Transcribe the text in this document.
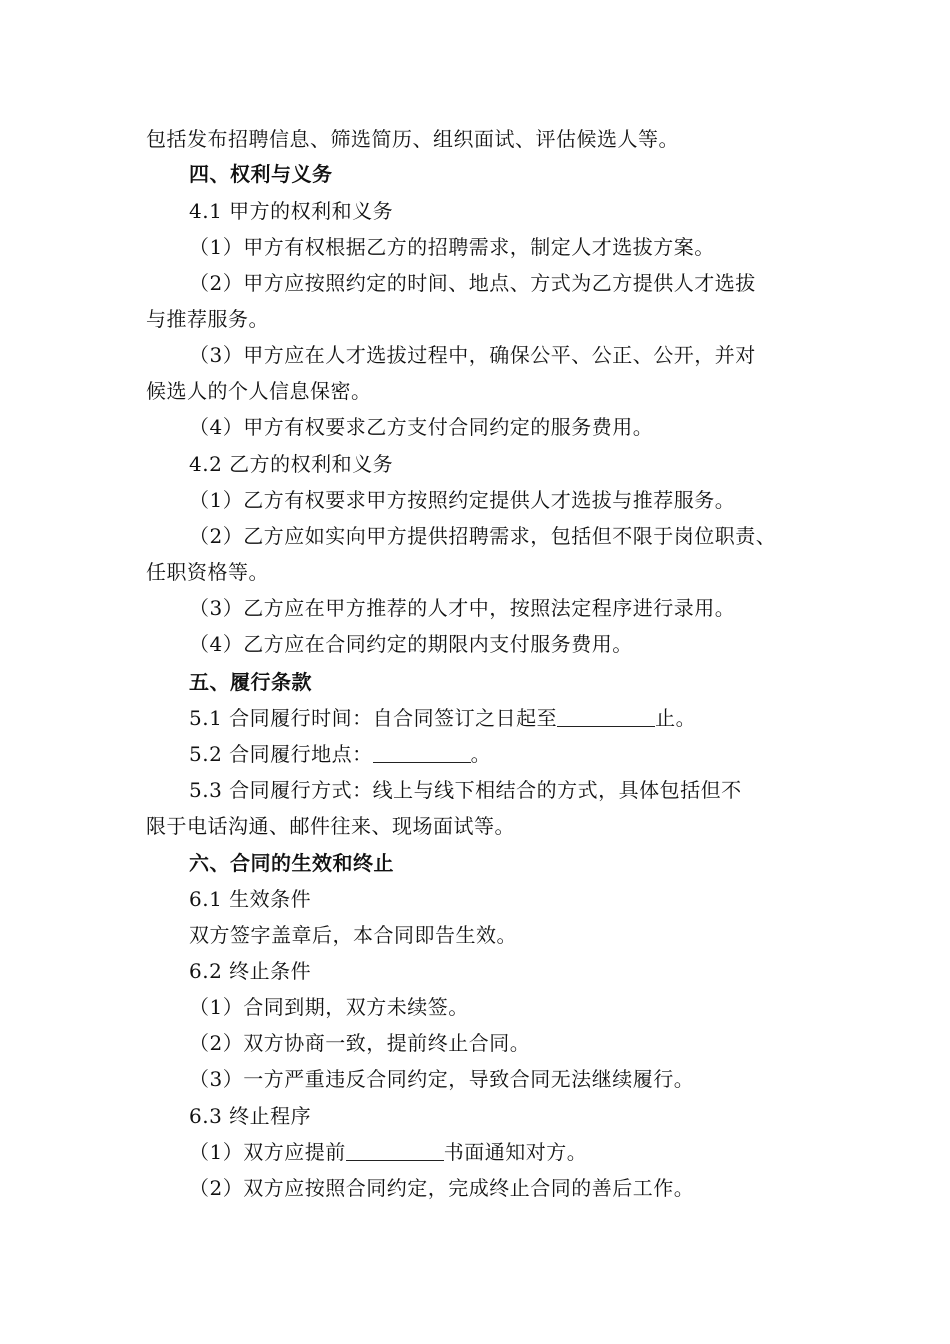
包括发布招聘信息、筛选简历、组织面试、评估候选人等。
四、权利与义务
4.1 甲方的权利和义务
（1）甲方有权根据乙方的招聘需求，制定人才选拔方案。
（2）甲方应按照约定的时间、地点、方式为乙方提供人才选拔
与推荐服务。
（3）甲方应在人才选拔过程中，确保公平、公正、公开，并对
候选人的个人信息保密。
（4）甲方有权要求乙方支付合同约定的服务费用。
4.2 乙方的权利和义务
（1）乙方有权要求甲方按照约定提供人才选拔与推荐服务。
（2）乙方应如实向甲方提供招聘需求，包括但不限于岗位职责、
任职资格等。
（3）乙方应在甲方推荐的人才中，按照法定程序进行录用。
（4）乙方应在合同约定的期限内支付服务费用。
五、履行条款
5.1 合同履行时间：自合同签订之日起至	止。
5.2 合同履行地点：	。
5.3 合同履行方式：线上与线下相结合的方式，具体包括但不
限于电话沟通、邮件往来、现场面试等。
六、合同的生效和终止
6.1 生效条件
双方签字盖章后，本合同即告生效。
6.2 终止条件
（1）合同到期，双方未续签。
（2）双方协商一致，提前终止合同。
（3）一方严重违反合同约定，导致合同无法继续履行。
6.3 终止程序
（1）双方应提前	书面通知对方。
（2）双方应按照合同约定，完成终止合同的善后工作。
